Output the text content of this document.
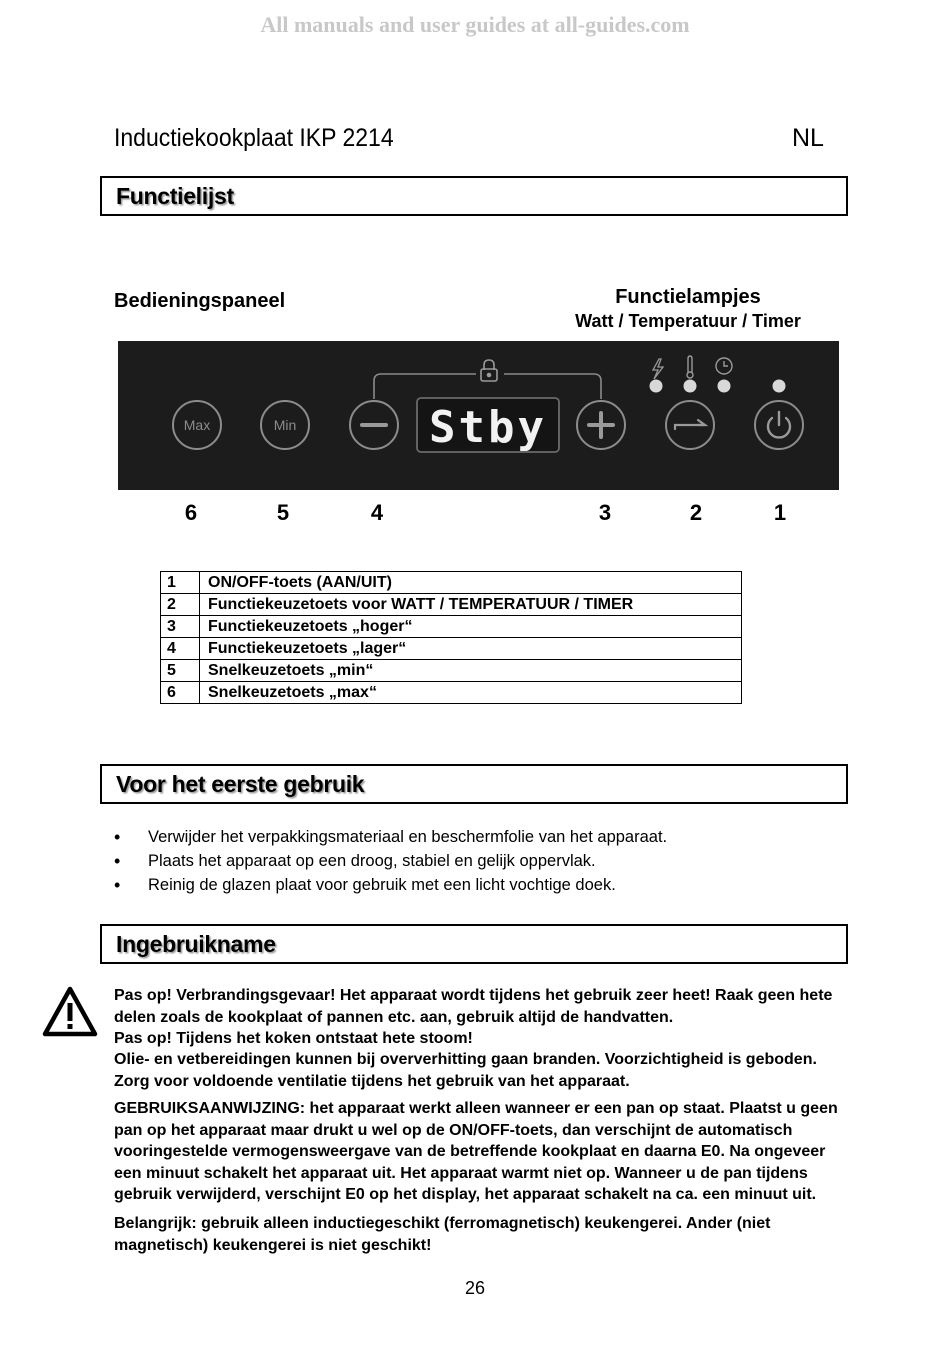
All manuals and user guides at all-guides.com
Inductiekookplaat IKP 2214	NL
Functielijst
Bedieningspaneel	Functielampjes
Watt / Temperatuur / Timer
Max	Min	Stby
6	5	4	3	2	1
1	ON/OFF-toets (AAN/UIT)
2	Functiekeuzetoets voor WATT / TEMPERATUUR / TIMER
3	Functiekeuzetoets „hoger“
4	Functiekeuzetoets „lager“
5	Snelkeuzetoets „min“
6	Snelkeuzetoets „max“
Voor het eerste gebruik
• Verwijder het verpakkingsmateriaal en beschermfolie van het apparaat.
• Plaats het apparaat op een droog, stabiel en gelijk oppervlak.
• Reinig de glazen plaat voor gebruik met een licht vochtige doek.
Ingebruikname
Pas op! Verbrandingsgevaar! Het apparaat wordt tijdens het gebruik zeer heet! Raak geen hete delen zoals de kookplaat of pannen etc. aan, gebruik altijd de handvatten.
Pas op! Tijdens het koken ontstaat hete stoom!
Olie- en vetbereidingen kunnen bij oververhitting gaan branden. Voorzichtigheid is geboden. Zorg voor voldoende ventilatie tijdens het gebruik van het apparaat.
GEBRUIKSAANWIJZING: het apparaat werkt alleen wanneer er een pan op staat. Plaatst u geen pan op het apparaat maar drukt u wel op de ON/OFF-toets, dan verschijnt de automatisch vooringestelde vermogensweergave van de betreffende kookplaat en daarna E0. Na ongeveer een minuut schakelt het apparaat uit. Het apparaat warmt niet op. Wanneer u de pan tijdens gebruik verwijderd, verschijnt E0 op het display, het apparaat schakelt na ca. een minuut uit.
Belangrijk: gebruik alleen inductiegeschikt (ferromagnetisch) keukengerei. Ander (niet magnetisch) keukengerei is niet geschikt!
26
